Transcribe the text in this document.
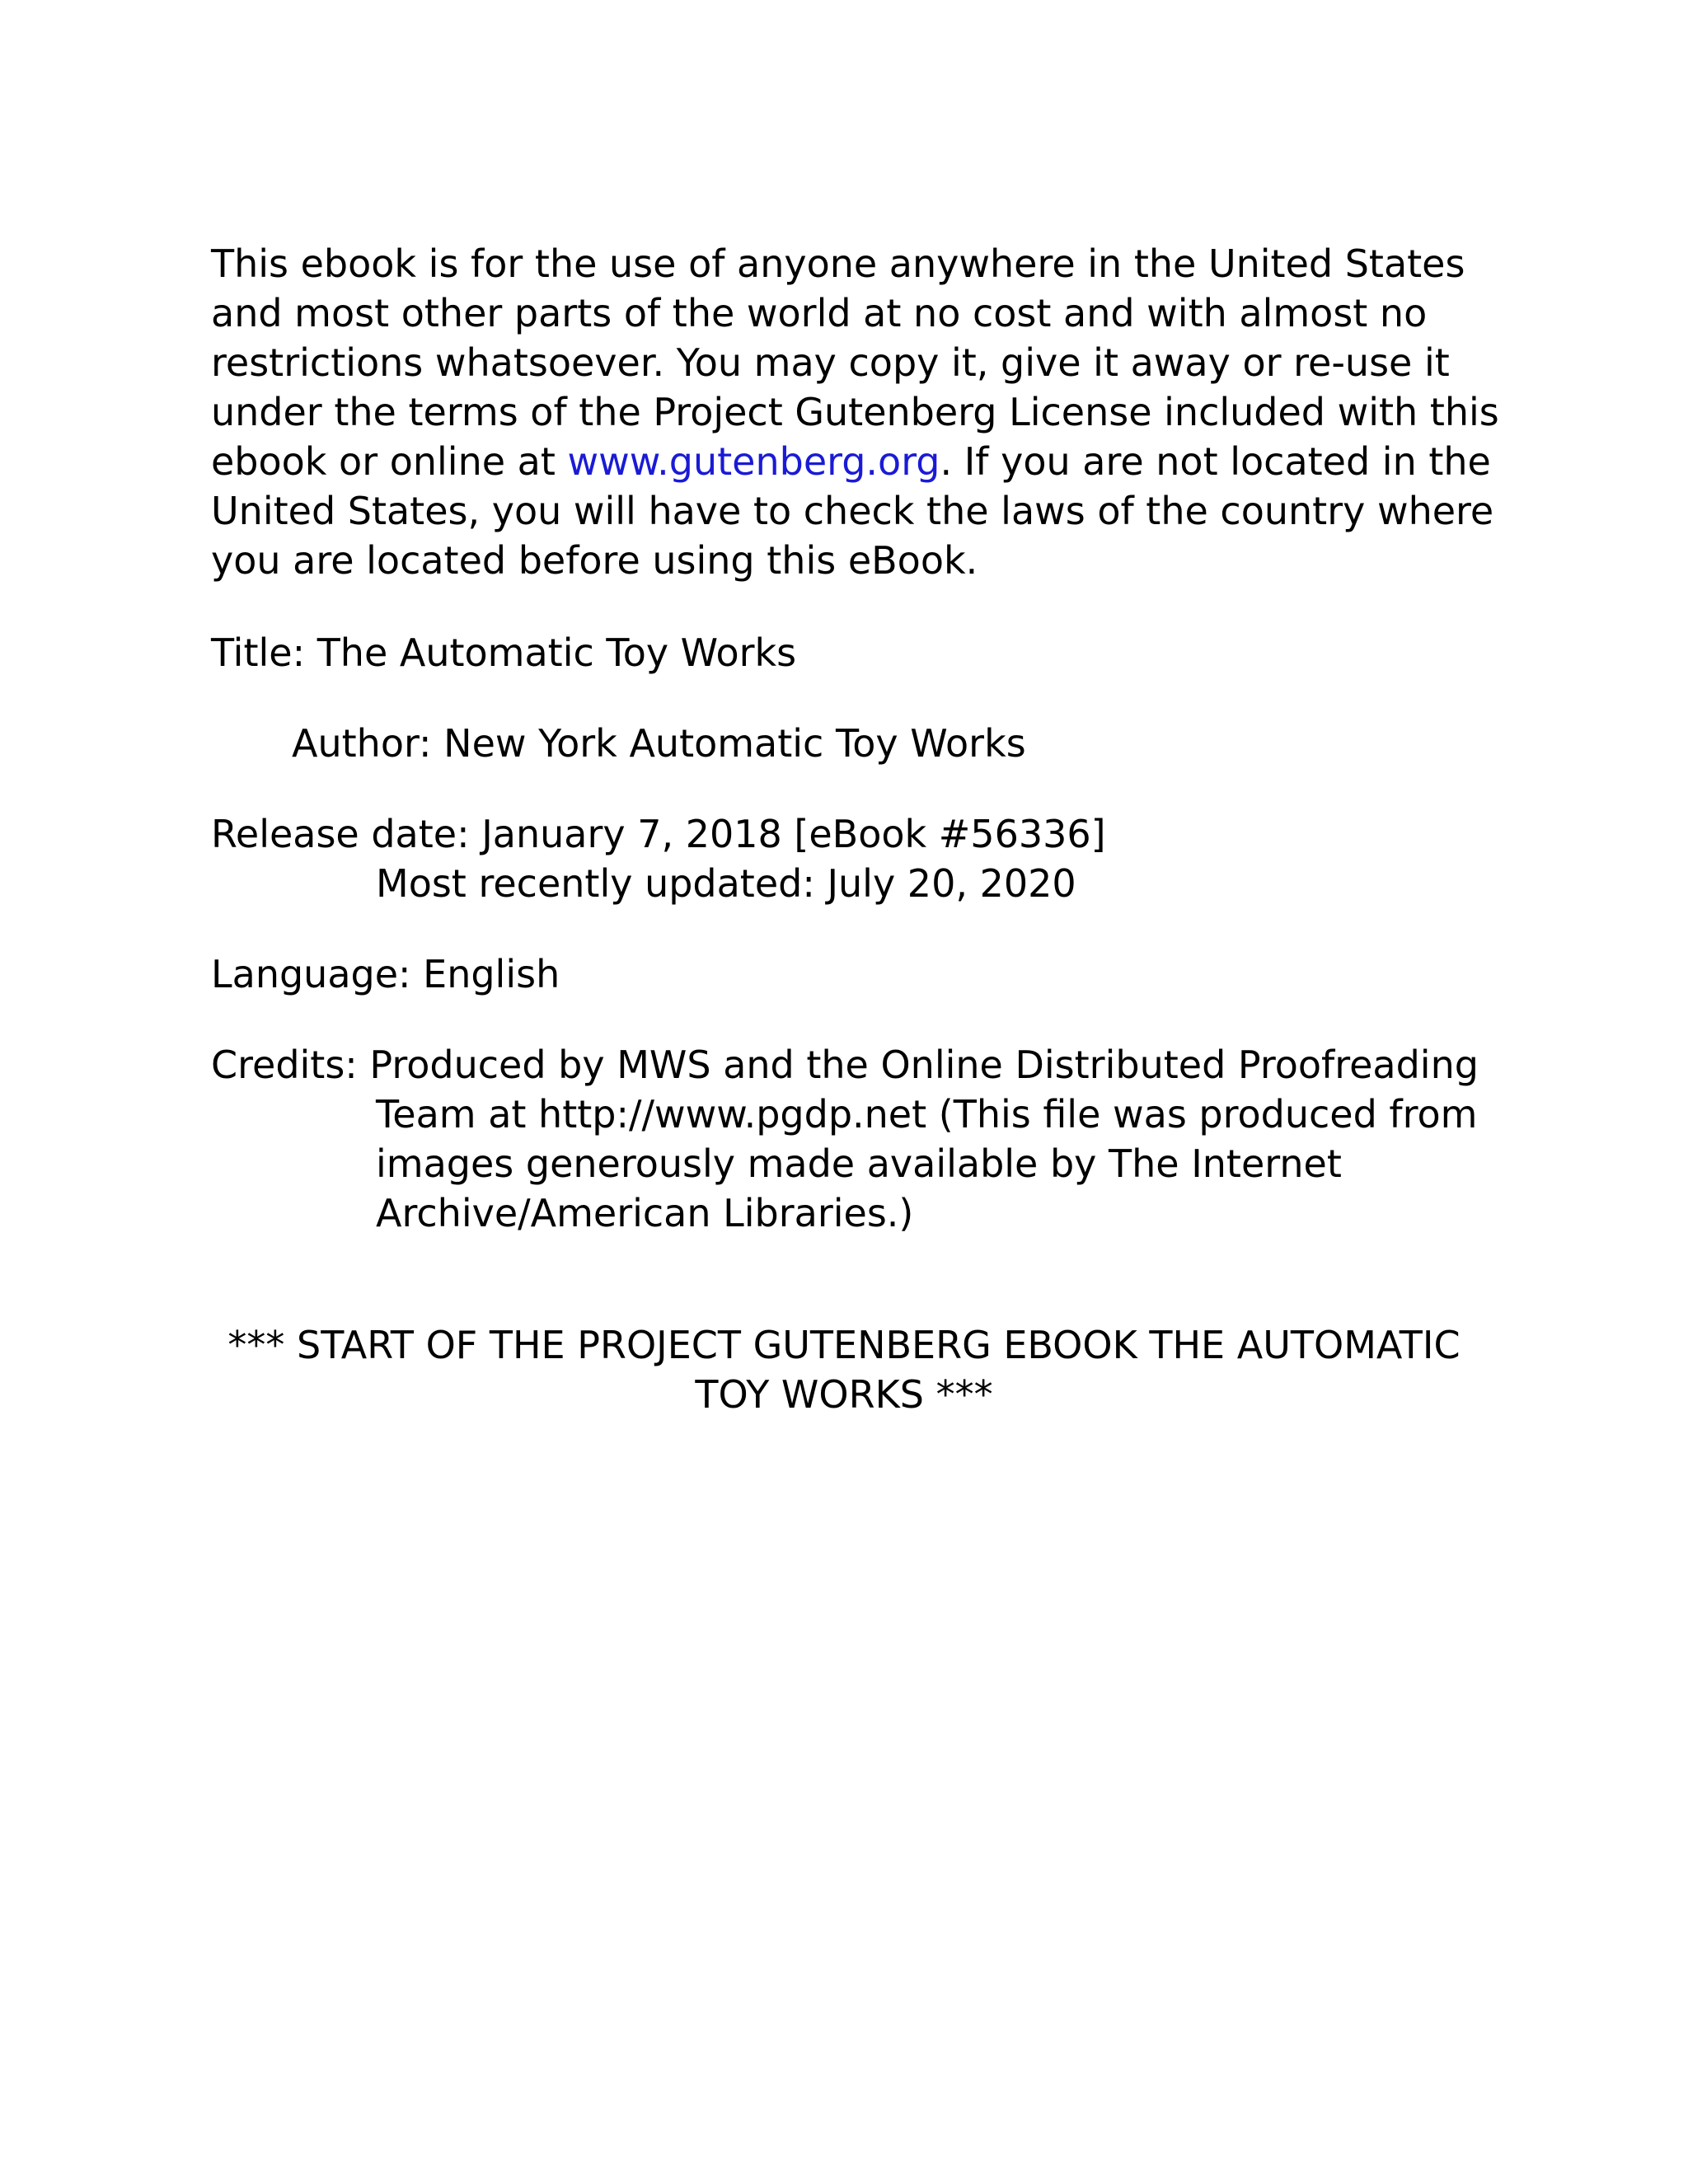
This ebook is for the use of anyone anywhere in the United States
and most other parts of the world at no cost and with almost no
restrictions whatsoever. You may copy it, give it away or re-use it
under the terms of the Project Gutenberg License included with this
ebook or online at www.gutenberg.org. If you are not located in the
United States, you will have to check the laws of the country where
you are located before using this eBook.
Title: The Automatic Toy Works
Author: New York Automatic Toy Works
Release date: January 7, 2018 [eBook #56336]
Most recently updated: July 20, 2020
Language: English
Credits: Produced by MWS and the Online Distributed Proofreading
Team at http://www.pgdp.net (This file was produced from
images generously made available by The Internet
Archive/American Libraries.)
*** START OF THE PROJECT GUTENBERG EBOOK THE AUTOMATIC
TOY WORKS ***
